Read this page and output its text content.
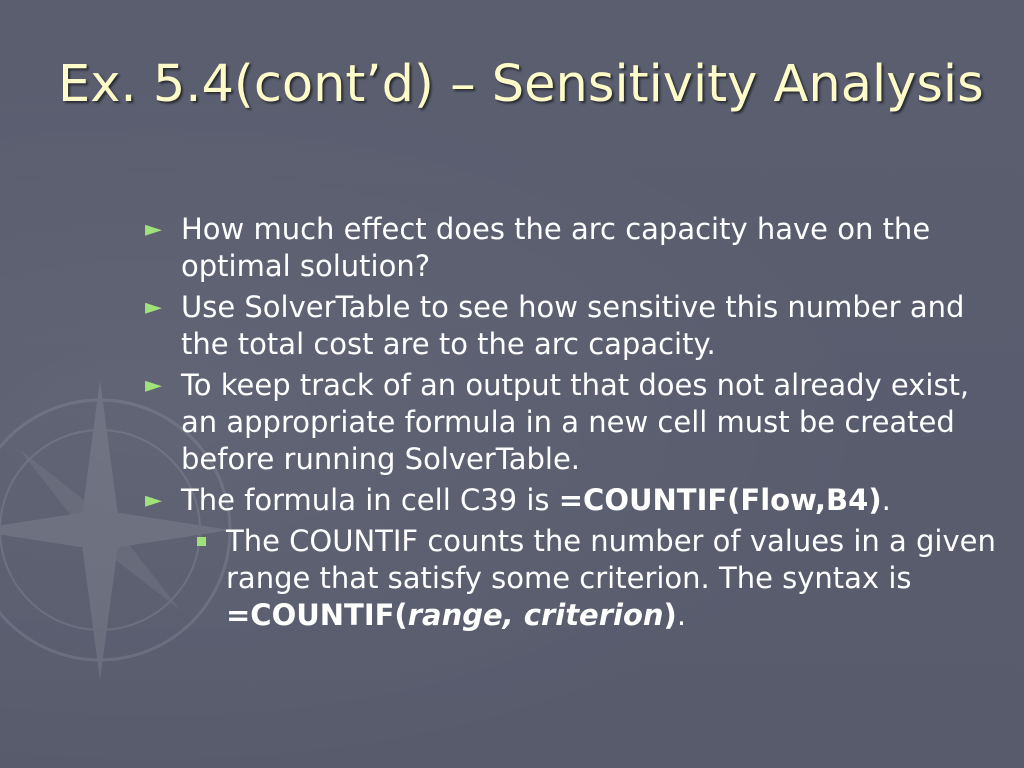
Ex. 5.4(cont’d) – Sensitivity Analysis
► How much effect does the arc capacity have on the optimal solution?
► Use SolverTable to see how sensitive this number and the total cost are to the arc capacity.
► To keep track of an output that does not already exist, an appropriate formula in a new cell must be created before running SolverTable.
► The formula in cell C39 is =COUNTIF(Flow,B4).
The COUNTIF counts the number of values in a given range that satisfy some criterion. The syntax is =COUNTIF(range, criterion).
